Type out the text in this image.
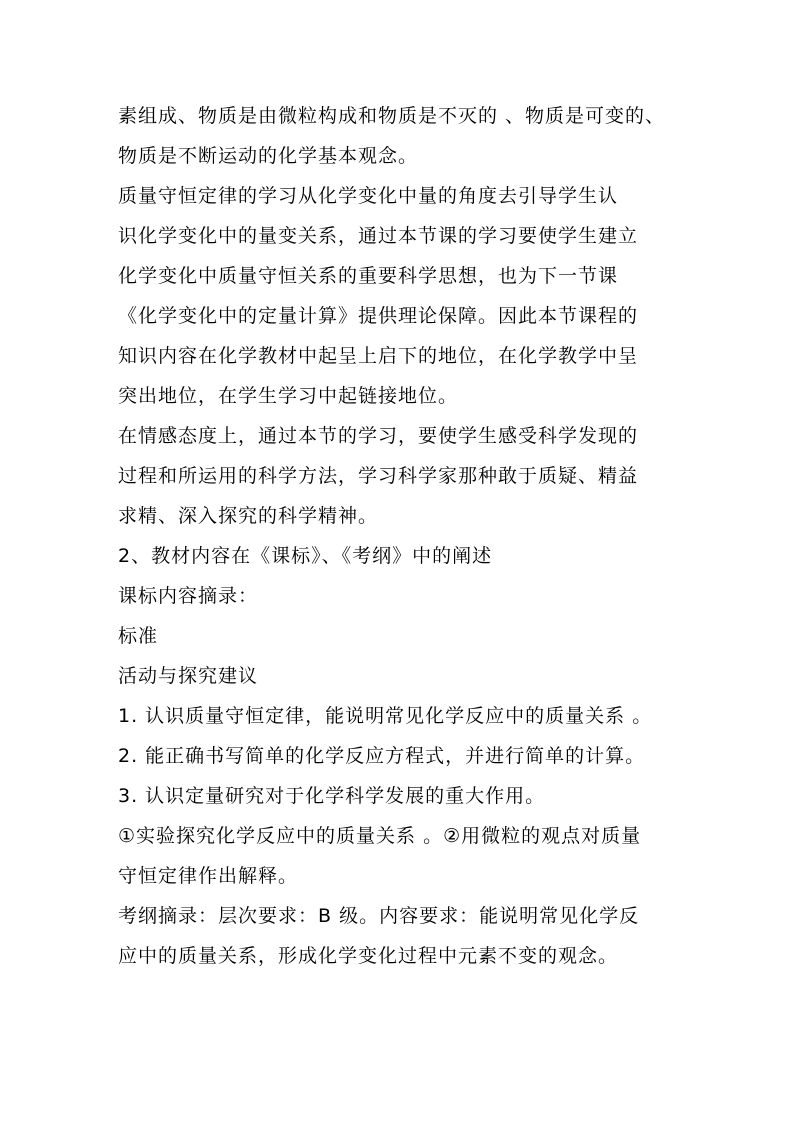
素组成、物质是由微粒构成和物质是不灭的 、物质是可变的、
物质是不断运动的化学基本观念。
质量守恒定律的学习从化学变化中量的角度去引导学生认
识化学变化中的量变关系，通过本节课的学习要使学生建立
化学变化中质量守恒关系的重要科学思想，也为下一节课
《化学变化中的定量计算》提供理论保障。因此本节课程的
知识内容在化学教材中起呈上启下的地位，在化学教学中呈
突出地位，在学生学习中起链接地位。
在情感态度上，通过本节的学习，要使学生感受科学发现的
过程和所运用的科学方法，学习科学家那种敢于质疑、精益
求精、深入探究的科学精神。
2、教材内容在《课标》、《考纲》中的阐述
课标内容摘录：
标准
活动与探究建议
1. 认识质量守恒定律，能说明常见化学反应中的质量关系 。
2. 能正确书写简单的化学反应方程式，并进行简单的计算。
3. 认识定量研究对于化学科学发展的重大作用。
①实验探究化学反应中的质量关系 。②用微粒的观点对质量
守恒定律作出解释。
考纲摘录：层次要求：B 级。内容要求：能说明常见化学反
应中的质量关系，形成化学变化过程中元素不变的观念。
